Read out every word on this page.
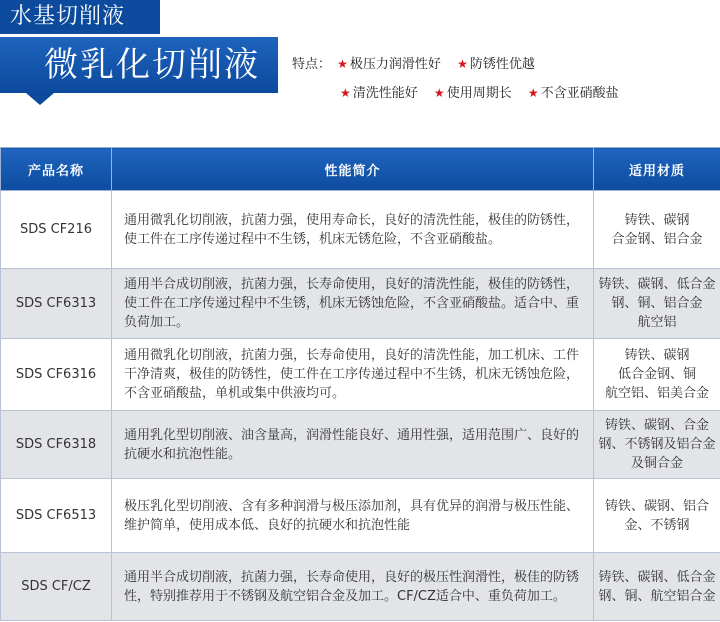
水基切削液
微乳化切削液	特点： ★ 极压力润滑性好 ★ 防锈性优越
★ 清洗性能好 ★ 使用周期长 ★ 不含亚硝酸盐
产品名称	性能简介	适用材质
SDS CF216	通用微乳化切削液，抗菌力强，使用寿命长，良好的清洗性能，极佳的防锈性，使工件在工序传递过程中不生锈，机床无锈危险，不含亚硝酸盐。	铸铁、碳钢
合金钢、铝合金
SDS CF6313	通用半合成切削液，抗菌力强，长寿命使用，良好的清洗性能，极佳的防锈性，使工件在工序传递过程中不生锈，机床无锈蚀危险，不含亚硝酸盐。适合中、重负荷加工。	铸铁、碳钢、低合金钢、铜、铝合金
航空铝
SDS CF6316	通用微乳化切削液，抗菌力强，长寿命使用，良好的清洗性能，加工机床、工件干净清爽，极佳的防锈性，使工件在工序传递过程中不生锈，机床无锈蚀危险，不含亚硝酸盐，单机或集中供液均可。	铸铁、碳钢
低合金钢、铜
航空铝、铝美合金
SDS CF6318	通用乳化型切削液、油含量高，润滑性能良好、通用性强，适用范围广、良好的抗硬水和抗泡性能。	铸铁、碳钢、合金钢、不锈钢及铝合金及铜合金
SDS CF6513	极压乳化型切削液、含有多种润滑与极压添加剂，具有优异的润滑与极压性能、维护简单，使用成本低、良好的抗硬水和抗泡性能	铸铁、碳钢、铝合金、不锈钢
SDS CF/CZ	通用半合成切削液，抗菌力强，长寿命使用，良好的极压性润滑性，极佳的防锈性，特别推荐用于不锈钢及航空铝合金及加工。CF/CZ适合中、重负荷加工。	铸铁、碳钢、低合金钢、铜、航空铝合金
